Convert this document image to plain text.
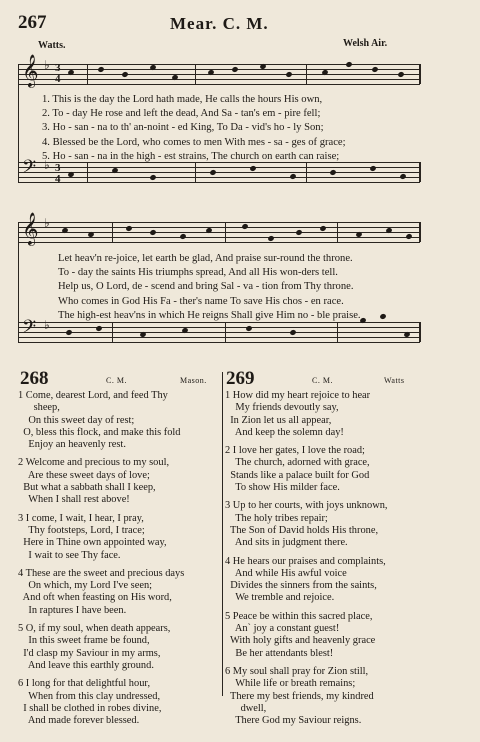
267	Mear. C. M.
Watts.	Welsh Air.
𝄞 ♭ 3
4
𝄢 ♭ 3
4
1. This is the day the Lord hath made, He calls the hours His own,
2. To - day He rose and left the dead, And Sa - tan's em - pire fell;
3. Ho - san - na to th' an-noint - ed King, To Da - vid's ho - ly Son;
4. Blessed be the Lord, who comes to men With mes - sa - ges of grace;
5. Ho - san - na in the high - est strains, The church on earth can raise;
𝄞 ♭
𝄢 ♭
Let heav'n re-joice, let earth be glad, And praise sur-round the throne.
To - day the saints His triumphs spread, And all His won-ders tell.
Help us, O Lord, de - scend and bring Sal - va - tion from Thy throne.
Who comes in God His Fa - ther's name To save His chos - en race.
The high-est heav'ns in which He reigns Shall give Him no - ble praise.
268	C. M.	Mason.
1 Come, dearest Lord, and feed Thy
sheep,
On this sweet day of rest;
O, bless this flock, and make this fold
Enjoy an heavenly rest.
2 Welcome and precious to my soul,
Are these sweet days of love;
But what a sabbath shall I keep,
When I shall rest above!
3 I come, I wait, I hear, I pray,
Thy footsteps, Lord, I trace;
Here in Thine own appointed way,
I wait to see Thy face.
4 These are the sweet and precious days
On which, my Lord I've seen;
And oft when feasting on His word,
In raptures I have been.
5 O, if my soul, when death appears,
In this sweet frame be found,
I'd clasp my Saviour in my arms,
And leave this earthly ground.
6 I long for that delightful hour,
When from this clay undressed,
I shall be clothed in robes divine,
And made forever blessed.
269	C. M.	Watts
1 How did my heart rejoice to hear
My friends devoutly say,
In Zion let us all appear,
And keep the solemn day!
2 I love her gates, I love the road;
The church, adorned with grace,
Stands like a palace built for God
To show His milder face.
3 Up to her courts, with joys unknown,
The holy tribes repair;
The Son of David holds His throne,
And sits in judgment there.
4 He hears our praises and complaints,
And while His awful voice
Divides the sinners from the saints,
We tremble and rejoice.
5 Peace be within this sacred place,
An` joy a constant guest!
With holy gifts and heavenly grace
Be her attendants blest!
6 My soul shall pray for Zion still,
While life or breath remains;
There my best friends, my kindred
dwell,
There God my Saviour reigns.
